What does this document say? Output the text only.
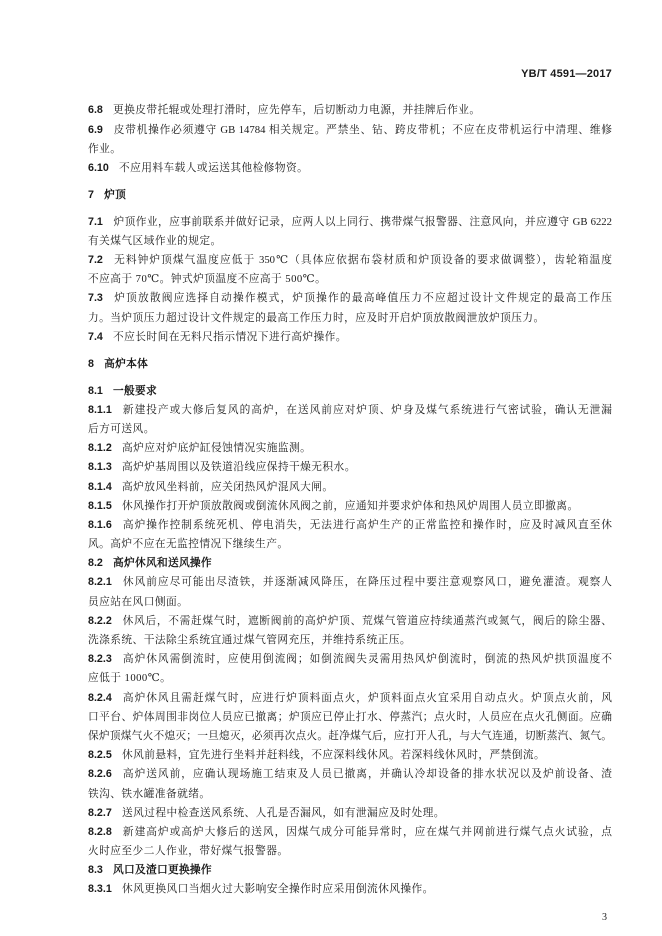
YB/T 4591—2017
6.8 更换皮带托辊或处理打滑时，应先停车，后切断动力电源，并挂牌后作业。
6.9 皮带机操作必须遵守 GB 14784 相关规定。严禁坐、钻、跨皮带机；不应在皮带机运行中清理、维修
作业。
6.10 不应用料车载人或运送其他检修物资。
7 炉顶
7.1 炉顶作业，应事前联系并做好记录，应两人以上同行、携带煤气报警器、注意风向，并应遵守 GB 6222
有关煤气区域作业的规定。
7.2 无料钟炉顶煤气温度应低于 350℃（具体应依据布袋材质和炉顶设备的要求做调整），齿轮箱温度
不应高于 70℃。钟式炉顶温度不应高于 500℃。
7.3 炉顶放散阀应选择自动操作模式，炉顶操作的最高峰值压力不应超过设计文件规定的最高工作压
力。当炉顶压力超过设计文件规定的最高工作压力时，应及时开启炉顶放散阀泄放炉顶压力。
7.4 不应长时间在无料尺指示情况下进行高炉操作。
8 高炉本体
8.1 一般要求
8.1.1 新建投产或大修后复风的高炉，在送风前应对炉顶、炉身及煤气系统进行气密试验，确认无泄漏
后方可送风。
8.1.2 高炉应对炉底炉缸侵蚀情况实施监测。
8.1.3 高炉炉基周围以及铁道沿线应保持干燥无积水。
8.1.4 高炉放风坐料前，应关闭热风炉混风大闸。
8.1.5 休风操作打开炉顶放散阀或倒流休风阀之前，应通知并要求炉体和热风炉周围人员立即撤离。
8.1.6 高炉操作控制系统死机、停电消失，无法进行高炉生产的正常监控和操作时，应及时减风直至休
风。高炉不应在无监控情况下继续生产。
8.2 高炉休风和送风操作
8.2.1 休风前应尽可能出尽渣铁，并逐渐减风降压，在降压过程中要注意观察风口，避免灌渣。观察人
员应站在风口侧面。
8.2.2 休风后，不需赶煤气时，遮断阀前的高炉炉顶、荒煤气管道应持续通蒸汽或氮气，阀后的除尘器、
洗涤系统、干法除尘系统宜通过煤气管网充压，并维持系统正压。
8.2.3 高炉休风需倒流时，应使用倒流阀；如倒流阀失灵需用热风炉倒流时，倒流的热风炉拱顶温度不
应低于 1000℃。
8.2.4 高炉休风且需赶煤气时，应进行炉顶料面点火，炉顶料面点火宜采用自动点火。炉顶点火前，风
口平台、炉体周围非岗位人员应已撤离；炉顶应已停止打水、停蒸汽；点火时，人员应在点火孔侧面。应确
保炉顶煤气火不熄灭；一旦熄灭，必须再次点火。赶净煤气后，应打开人孔，与大气连通，切断蒸汽、氮气。
8.2.5 休风前悬料，宜先进行坐料并赶料线，不应深料线休风。若深料线休风时，严禁倒流。
8.2.6 高炉送风前，应确认现场施工结束及人员已撤离，并确认冷却设备的排水状况以及炉前设备、渣
铁沟、铁水罐准备就绪。
8.2.7 送风过程中检查送风系统、人孔是否漏风，如有泄漏应及时处理。
8.2.8 新建高炉或高炉大修后的送风，因煤气成分可能异常时，应在煤气并网前进行煤气点火试验，点
火时应至少二人作业，带好煤气报警器。
8.3 风口及渣口更换操作
8.3.1 休风更换风口当烟火过大影响安全操作时应采用倒流休风操作。
3
